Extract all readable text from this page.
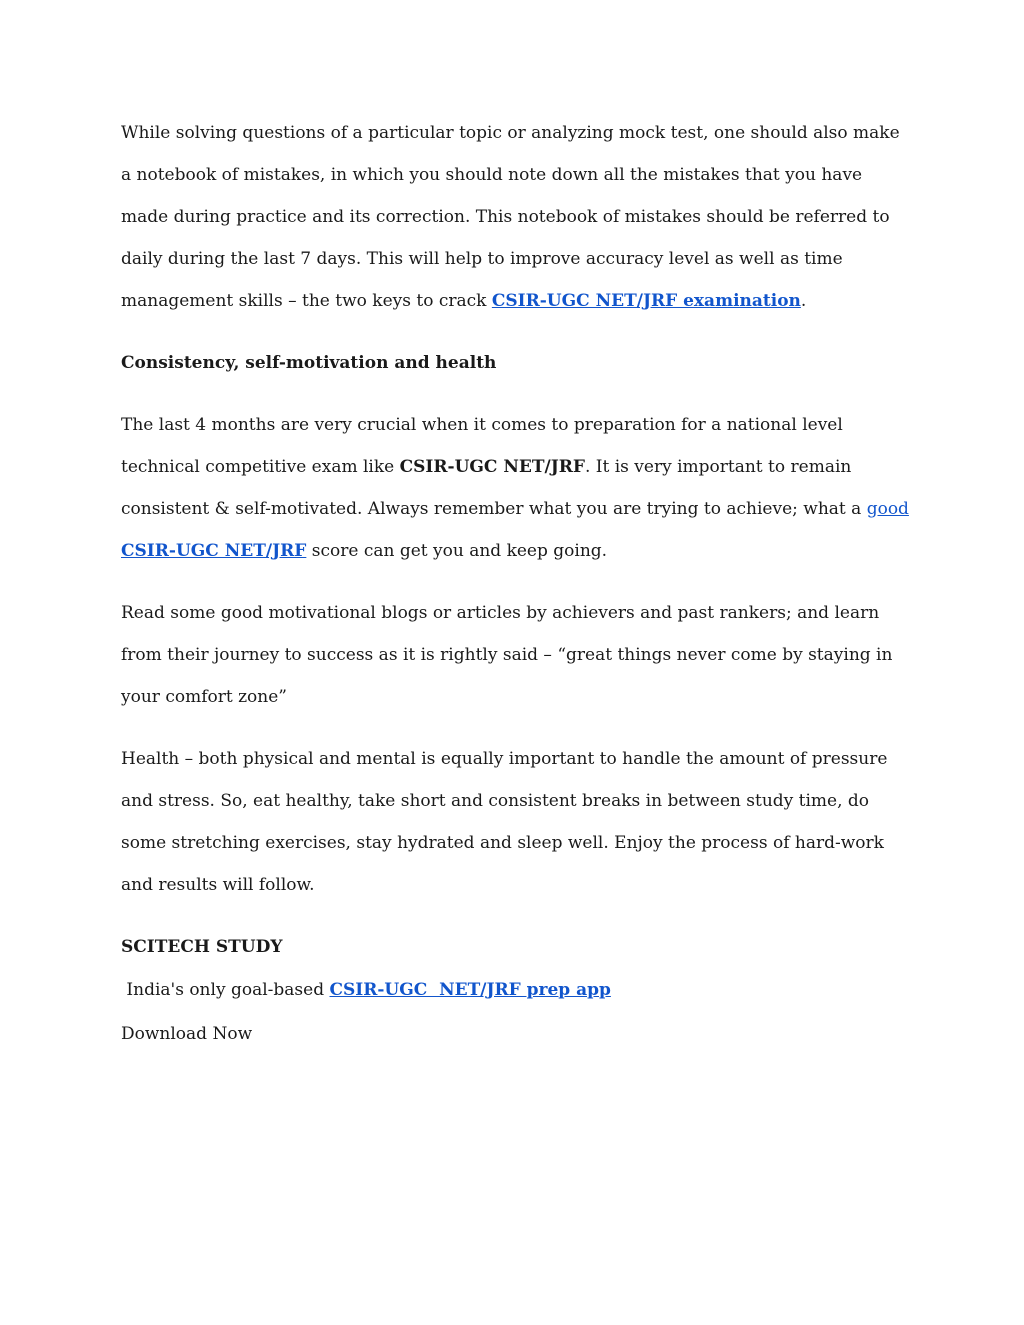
While solving questions of a particular topic or analyzing mock test, one should also make a notebook of mistakes, in which you should note down all the mistakes that you have made during practice and its correction. This notebook of mistakes should be referred to daily during the last 7 days. This will help to improve accuracy level as well as time management skills – the two keys to crack CSIR-UGC NET/JRF examination.

Consistency, self-motivation and health

The last 4 months are very crucial when it comes to preparation for a national level technical competitive exam like CSIR-UGC NET/JRF. It is very important to remain consistent & self-motivated. Always remember what you are trying to achieve; what a good CSIR-UGC NET/JRF score can get you and keep going.

Read some good motivational blogs or articles by achievers and past rankers; and learn from their journey to success as it is rightly said – “great things never come by staying in your comfort zone”

Health – both physical and mental is equally important to handle the amount of pressure and stress. So, eat healthy, take short and consistent breaks in between study time, do some stretching exercises, stay hydrated and sleep well. Enjoy the process of hard-work and results will follow.

SCITECH STUDY

India's only goal-based CSIR-UGC  NET/JRF prep app

Download Now
